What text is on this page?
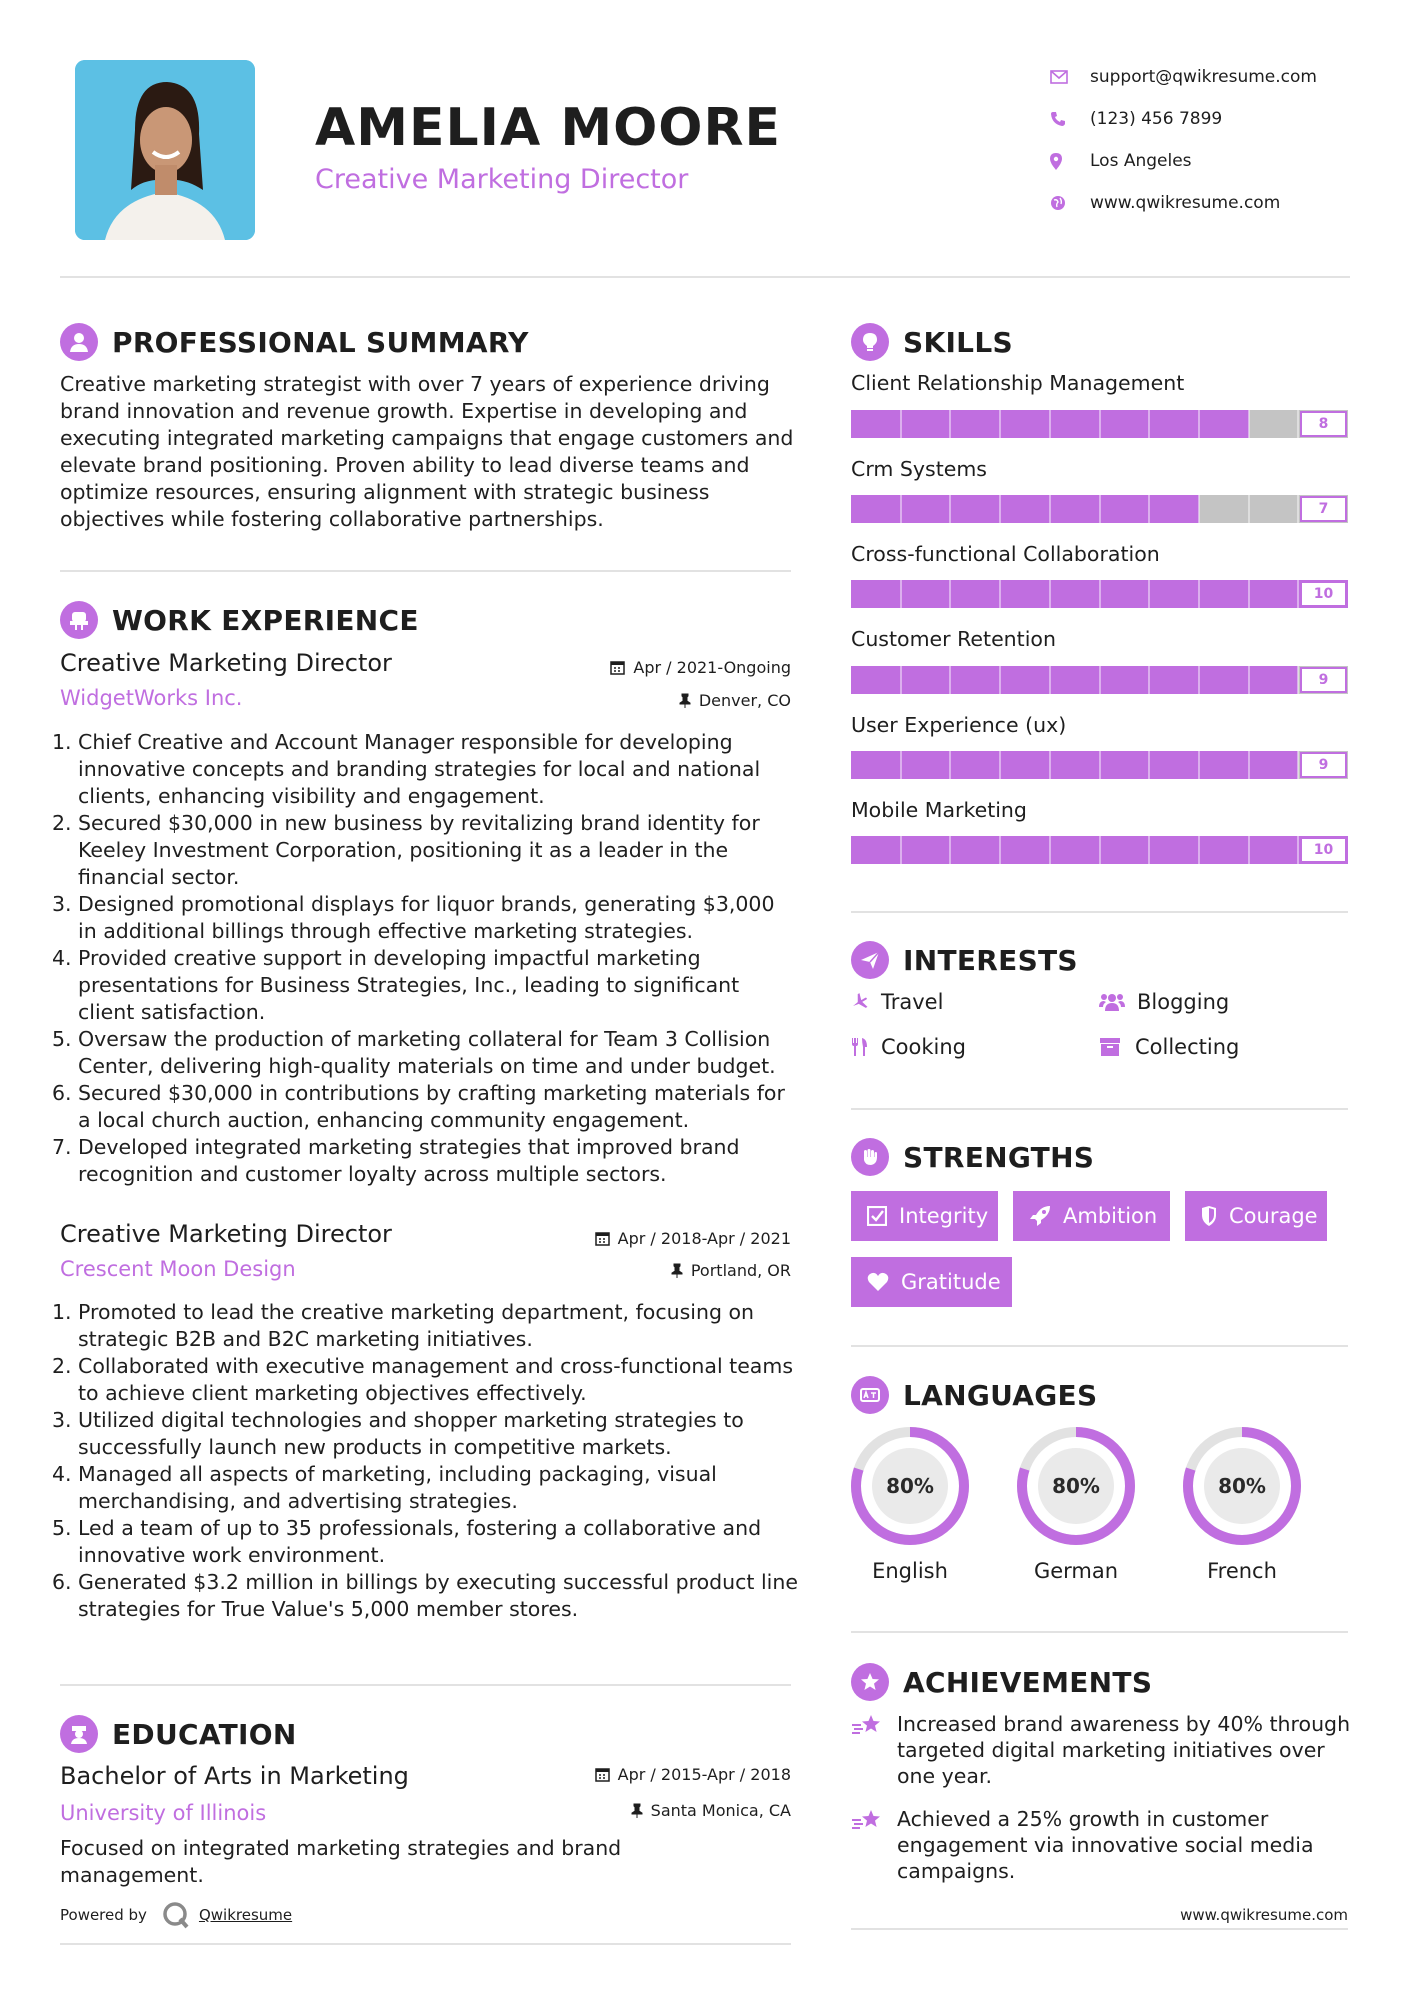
AMELIA MOORE
Creative Marketing Director
support@qwikresume.com
(123) 456 7899
Los Angeles
www.qwikresume.com
PROFESSIONAL SUMMARY
Creative marketing strategist with over 7 years of experience driving brand innovation and revenue growth. Expertise in developing and executing integrated marketing campaigns that engage customers and elevate brand positioning. Proven ability to lead diverse teams and optimize resources, ensuring alignment with strategic business objectives while fostering collaborative partnerships.
WORK EXPERIENCE
Creative Marketing Director	Apr / 2021-Ongoing
WidgetWorks Inc.	Denver, CO
1. Chief Creative and Account Manager responsible for developing innovative concepts and branding strategies for local and national clients, enhancing visibility and engagement.
2. Secured $30,000 in new business by revitalizing brand identity for Keeley Investment Corporation, positioning it as a leader in the financial sector.
3. Designed promotional displays for liquor brands, generating $3,000 in additional billings through effective marketing strategies.
4. Provided creative support in developing impactful marketing presentations for Business Strategies, Inc., leading to significant client satisfaction.
5. Oversaw the production of marketing collateral for Team 3 Collision Center, delivering high-quality materials on time and under budget.
6. Secured $30,000 in contributions by crafting marketing materials for a local church auction, enhancing community engagement.
7. Developed integrated marketing strategies that improved brand recognition and customer loyalty across multiple sectors.
Creative Marketing Director	Apr / 2018-Apr / 2021
Crescent Moon Design	Portland, OR
1. Promoted to lead the creative marketing department, focusing on strategic B2B and B2C marketing initiatives.
2. Collaborated with executive management and cross-functional teams to achieve client marketing objectives effectively.
3. Utilized digital technologies and shopper marketing strategies to successfully launch new products in competitive markets.
4. Managed all aspects of marketing, including packaging, visual merchandising, and advertising strategies.
5. Led a team of up to 35 professionals, fostering a collaborative and innovative work environment.
6. Generated $3.2 million in billings by executing successful product line strategies for True Value's 5,000 member stores.
EDUCATION
Bachelor of Arts in Marketing	Apr / 2015-Apr / 2018
University of Illinois	Santa Monica, CA
Focused on integrated marketing strategies and brand management.
Powered by	Qwikresume
SKILLS
Client Relationship Management
8
Crm Systems
7
Cross-functional Collaboration
10
Customer Retention
9
User Experience (ux)
9
Mobile Marketing
10
INTERESTS
Travel	Blogging
Cooking	Collecting
STRENGTHS
Integrity	Ambition	Courage
Gratitude
LANGUAGES
80%
English
80%
German
80%
French
ACHIEVEMENTS
Increased brand awareness by 40% through targeted digital marketing initiatives over one year.
Achieved a 25% growth in customer engagement via innovative social media campaigns.
www.qwikresume.com
